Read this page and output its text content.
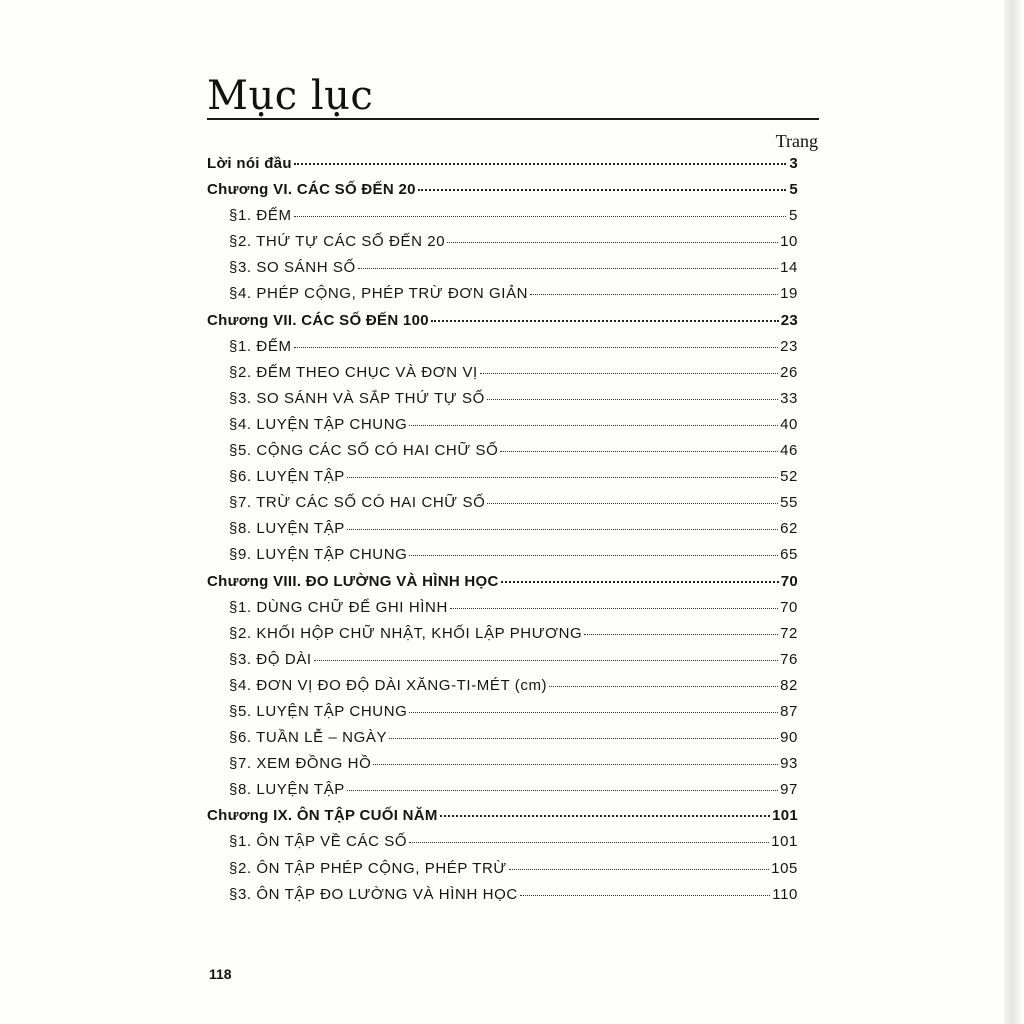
Mục lục
Trang
Lời nói đầu	3
Chương VI. CÁC SỐ ĐẾN 20	5
§1. ĐẾM	5
§2. THỨ TỰ CÁC SỐ ĐẾN 20	10
§3. SO SÁNH SỐ	14
§4. PHÉP CỘNG, PHÉP TRỪ ĐƠN GIẢN	19
Chương VII. CÁC SỐ ĐẾN 100	23
§1. ĐẾM	23
§2. ĐẾM THEO CHỤC VÀ ĐƠN VỊ	26
§3. SO SÁNH VÀ SẮP THỨ TỰ SỐ	33
§4. LUYỆN TẬP CHUNG	40
§5. CỘNG CÁC SỐ CÓ HAI CHỮ SỐ	46
§6. LUYỆN TẬP	52
§7. TRỪ CÁC SỐ CÓ HAI CHỮ SỐ	55
§8. LUYỆN TẬP	62
§9. LUYỆN TẬP CHUNG	65
Chương VIII. ĐO LƯỜNG VÀ HÌNH HỌC	70
§1. DÙNG CHỮ ĐỂ GHI HÌNH	70
§2. KHỐI HỘP CHỮ NHẬT, KHỐI LẬP PHƯƠNG	72
§3. ĐỘ DÀI	76
§4. ĐƠN VỊ ĐO ĐỘ DÀI XĂNG-TI-MÉT (cm)	82
§5. LUYỆN TẬP CHUNG	87
§6. TUẦN LỄ – NGÀY	90
§7. XEM ĐỒNG HỒ	93
§8. LUYỆN TẬP	97
Chương IX. ÔN TẬP CUỐI NĂM	101
§1. ÔN TẬP VỀ CÁC SỐ	101
§2. ÔN TẬP PHÉP CỘNG, PHÉP TRỪ	105
§3. ÔN TẬP ĐO LƯỜNG VÀ HÌNH HỌC	110
118
